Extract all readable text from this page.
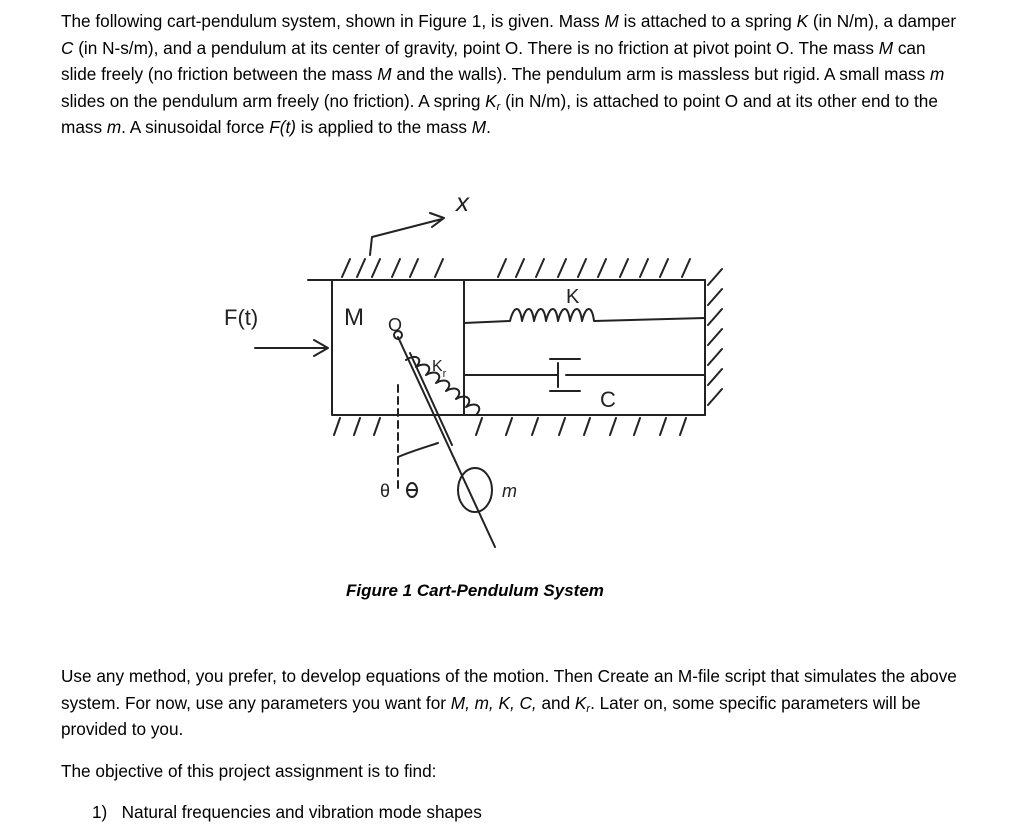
The following cart-pendulum system, shown in Figure 1, is given. Mass M is attached to a spring K (in N/m), a damper C (in N-s/m), and a pendulum at its center of gravity, point O. There is no friction at pivot point O. The mass M can slide freely (no friction between the mass M and the walls). The pendulum arm is massless but rigid. A small mass m slides on the pendulum arm freely (no friction). A spring $K_r$ (in N/m), is attached to point O and at its other end to the mass m. A sinusoidal force F(t) is applied to the mass M.
x
F(t)	M O
K
$K_r$
C
m
θ
Figure 1 Cart-Pendulum System
Use any method, you prefer, to develop equations of the motion. Then Create an M-file script that simulates the above system. For now, use any parameters you want for M, m, K, C, and $K_r$. Later on, some specific parameters will be provided to you.
The objective of this project assignment is to find:
1) Natural frequencies and vibration mode shapes
